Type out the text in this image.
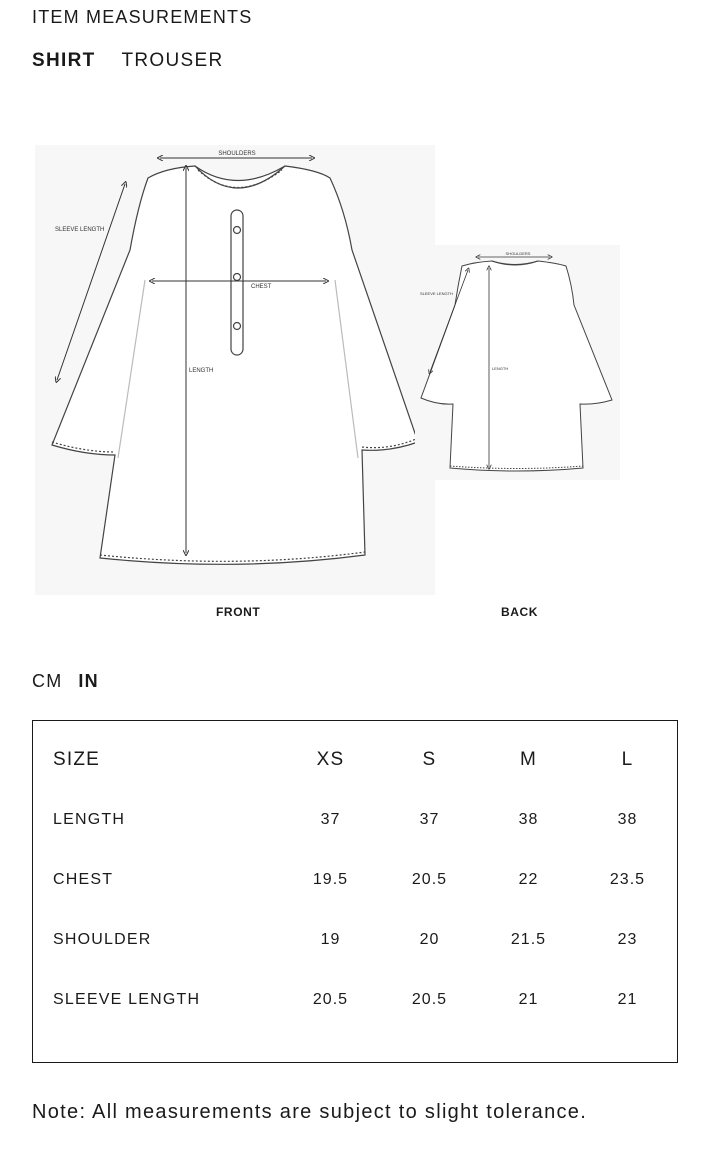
ITEM MEASUREMENTS
SHIRT TROUSER
SHOULDERS
SLEEVE LENGTH
CHEST
LENGTH
SHOULDERS
SLEEVE LENGTH
LENGTH
FRONT	BACK
CM IN
SIZE	XS	S	M	L
LENGTH	37	37	38	38
CHEST	19.5	20.5	22	23.5
SHOULDER	19	20	21.5	23
SLEEVE LENGTH	20.5	20.5	21	21
Note: All measurements are subject to slight tolerance.
